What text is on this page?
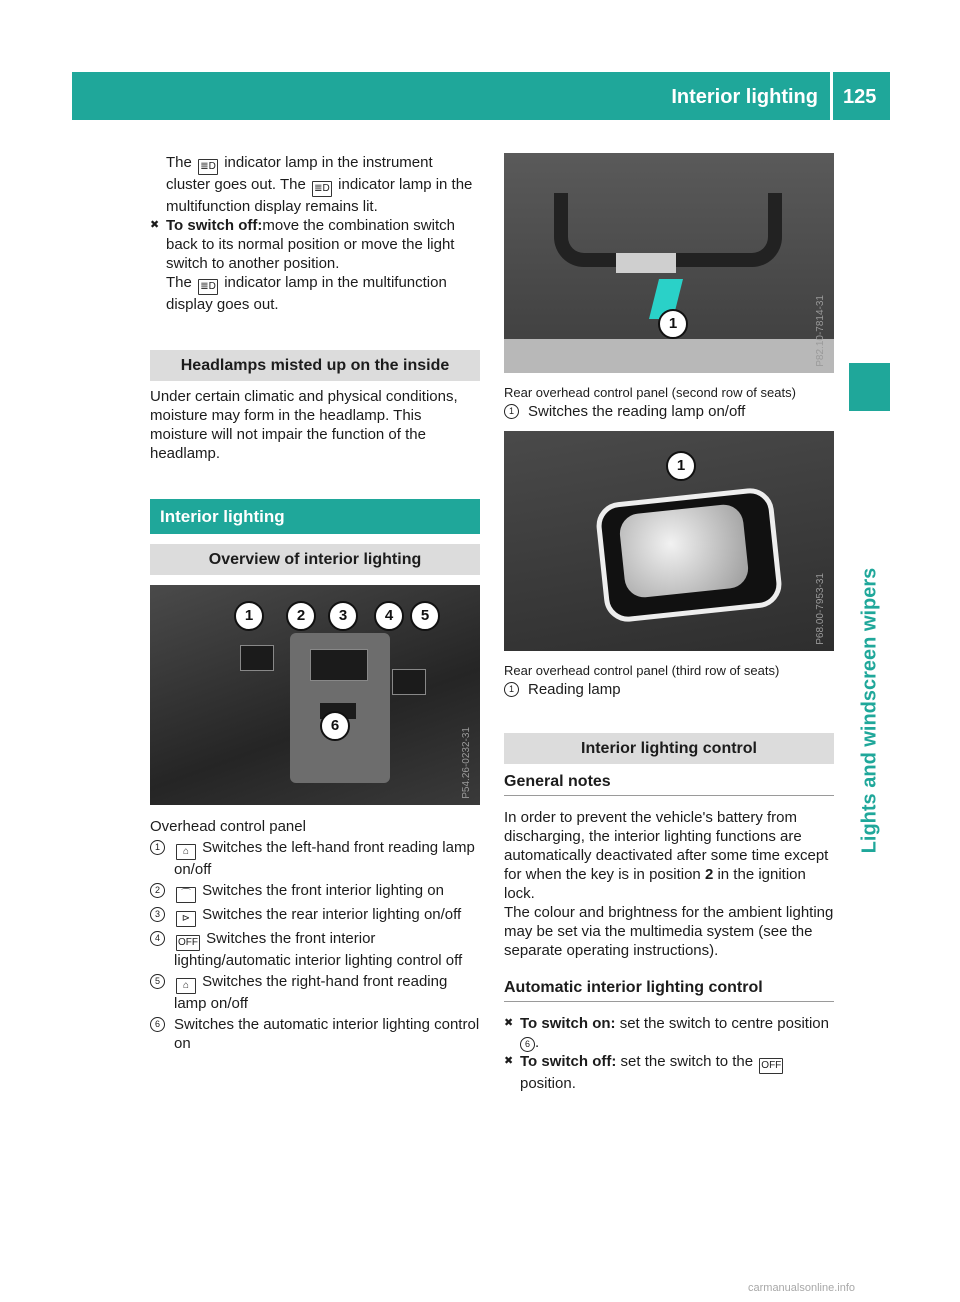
Interior lighting 125
Lights and windscreen wipers

The ≣D indicator lamp in the instrument cluster goes out. The ≣D indicator lamp in the multifunction display remains lit.

✖ To switch off:move the combination switch back to its normal position or move the light switch to another position.
The ≣D indicator lamp in the multifunction display goes out.

Headlamps misted up on the inside

Under certain climatic and physical conditions, moisture may form in the headlamp. This moisture will not impair the function of the headlamp.

Interior lighting

Overview of interior lighting

1	2	3	4	5
6
P54.26-0232-31

Overhead control panel

1	⌂ Switches the left-hand front reading lamp on/off

2	⌒ Switches the front interior lighting on

3	⊳ Switches the rear interior lighting on/off

4	OFF Switches the front interior lighting/automatic interior lighting control off

5	⌂ Switches the right-hand front reading lamp on/off

6 Switches the automatic interior lighting control on

1	P82.10-7814-31

Rear overhead control panel (second row of seats)

1 Switches the reading lamp on/off

1
P68.00-7953-31

Rear overhead control panel (third row of seats)

1 Reading lamp

Interior lighting control

General notes

In order to prevent the vehicle's battery from discharging, the interior lighting functions are automatically deactivated after some time except for when the key is in position 2 in the ignition lock.

The colour and brightness for the ambient lighting may be set via the multimedia system (see the separate operating instructions).

Automatic interior lighting control

✖ To switch on: set the switch to centre position 6 .

✖ To switch off: set the switch to the OFF position.

carmanualsonline.info
